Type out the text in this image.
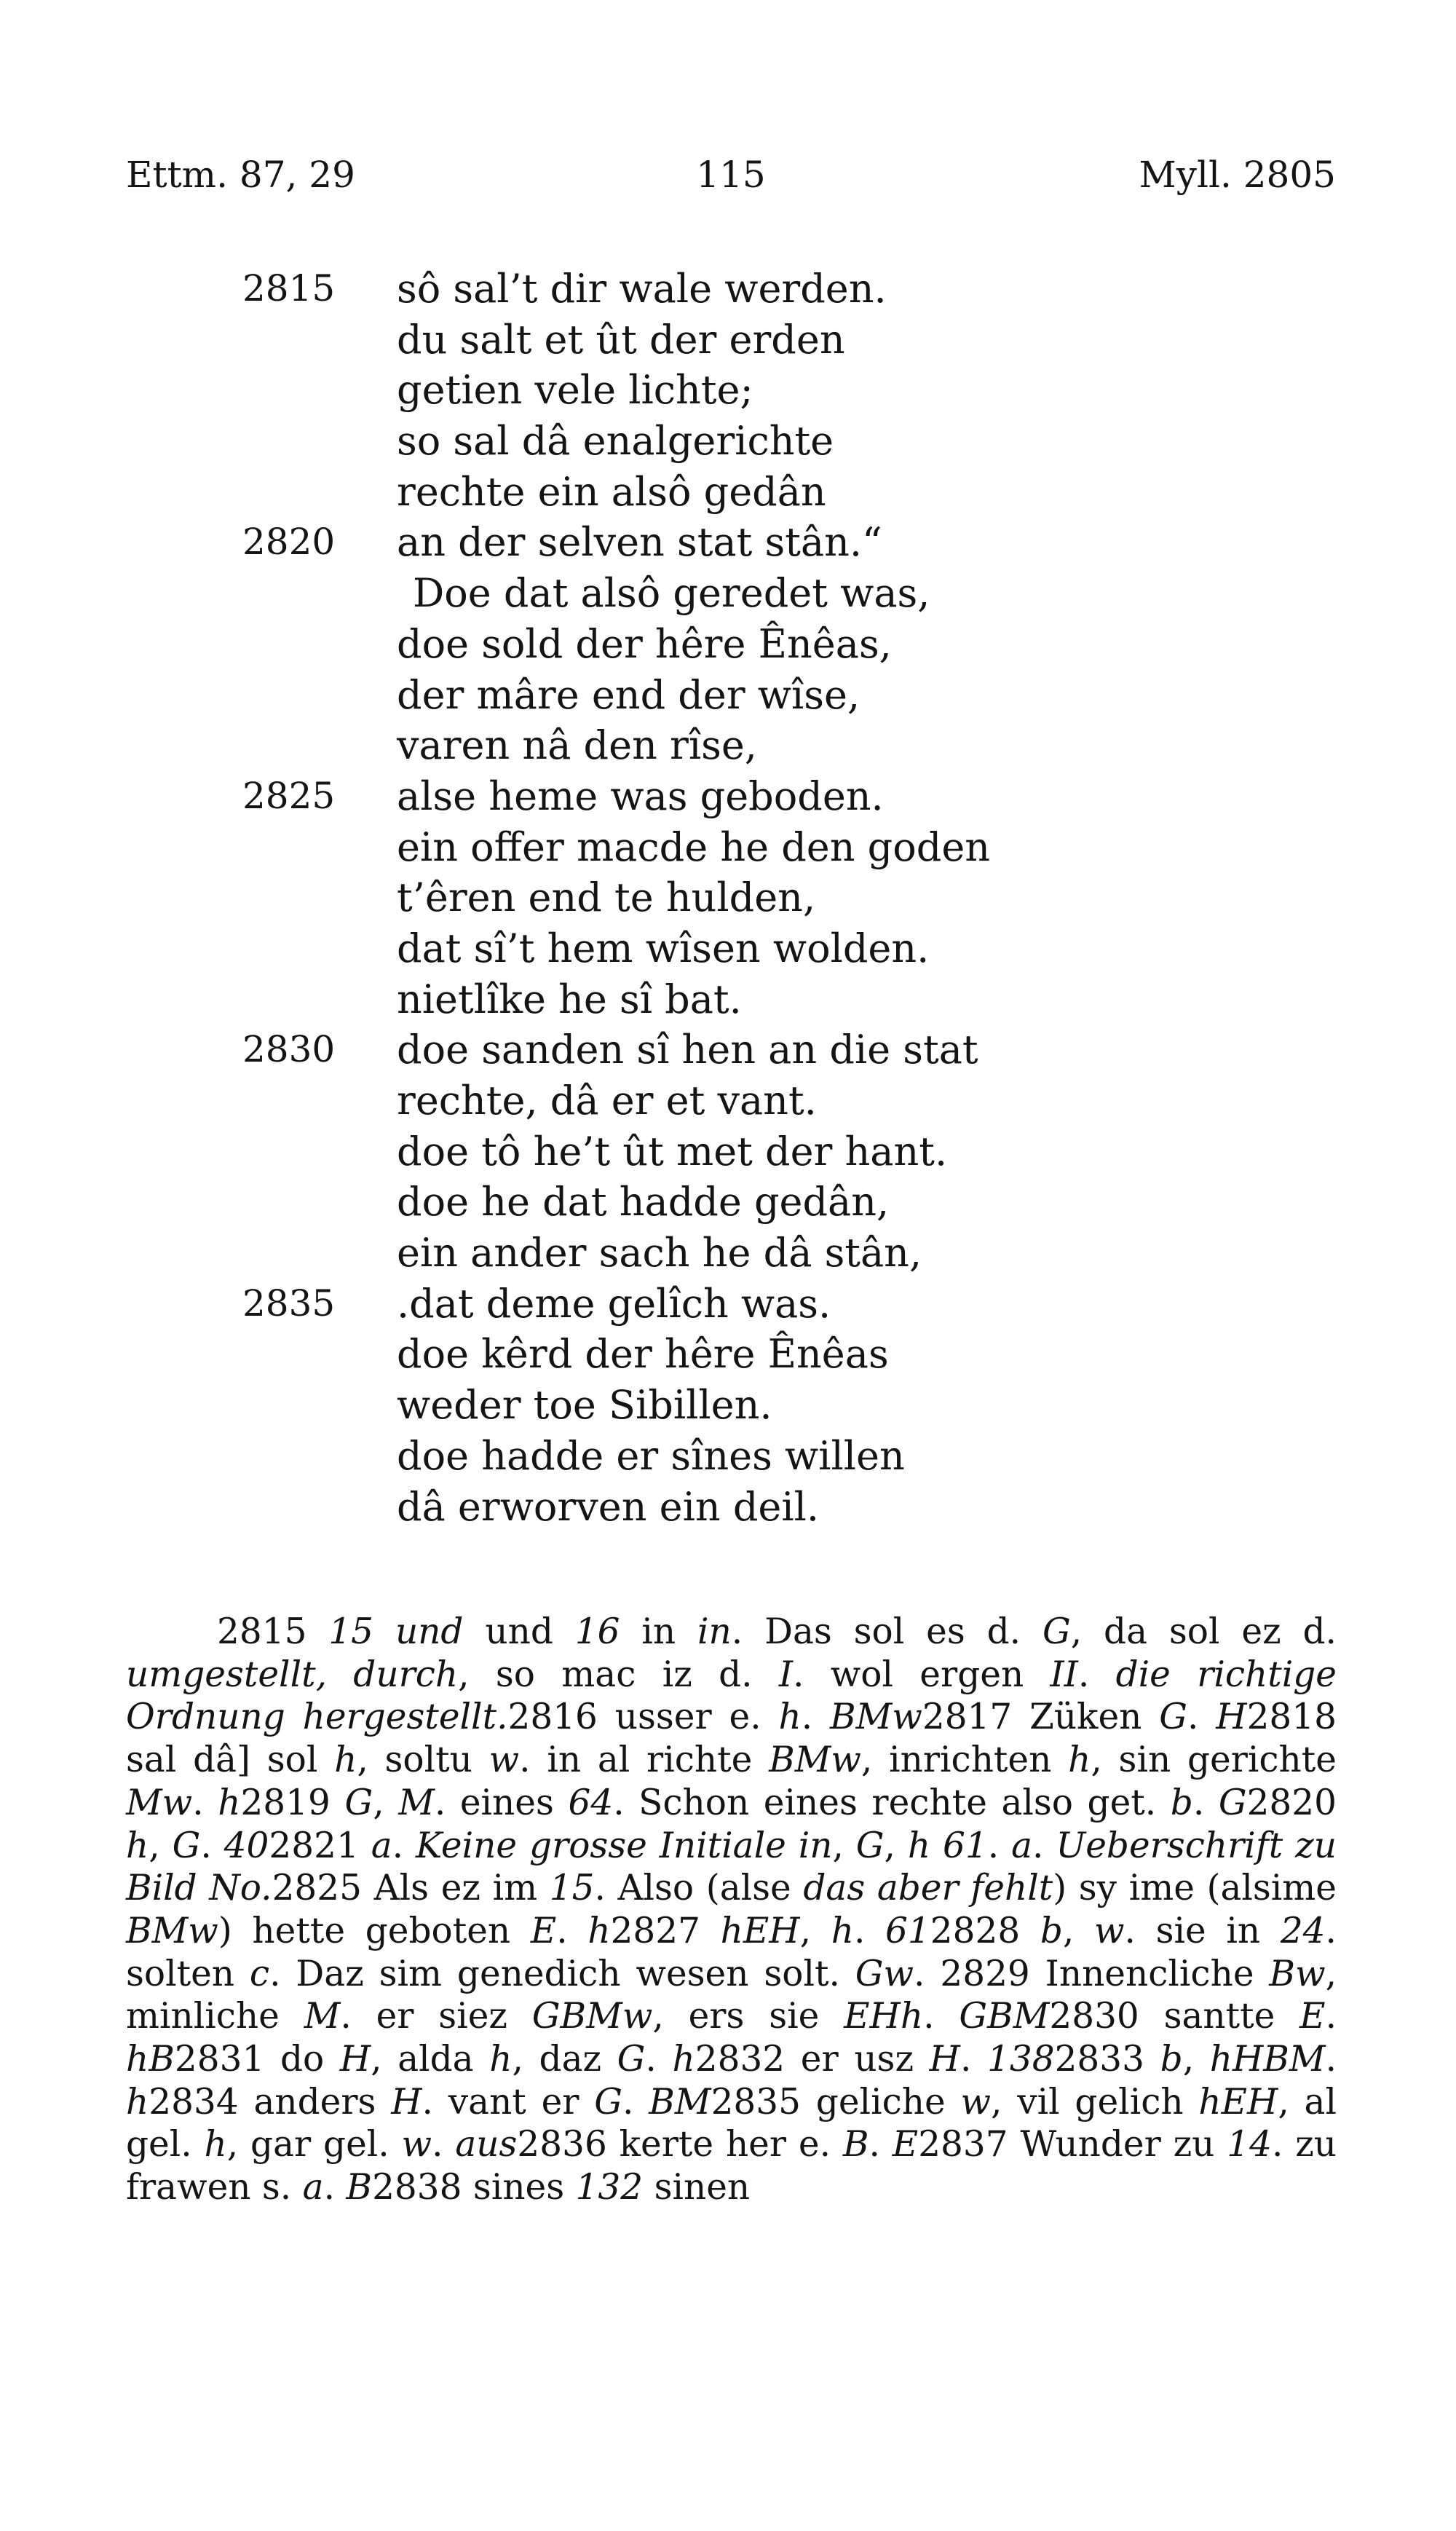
Ettm. 87, 29	115	Myll. 2805
2815 sô sal’t dir wale werden.
du salt et ût der erden
getien vele lichte;
so sal dâ enalgerichte
rechte ein alsô gedân
2820 an der selven stat stân.“
Doe dat alsô geredet was,
doe sold der hêre Ênêas,
der mâre end der wîse,
varen nâ den rîse,
2825 alse heme was geboden.
ein offer macde he den goden
t’êren end te hulden,
dat sî’t hem wîsen wolden.
nietlîke he sî bat.
2830 doe sanden sî hen an die stat
rechte, dâ er et vant.
doe tô he’t ût met der hant.
doe he dat hadde gedân,
ein ander sach he dâ stân,
2835 .dat deme gelîch was.
doe kêrd der hêre Ênêas
weder toe Sibillen.
doe hadde er sînes willen
dâ erworven ein deil.

2815 15 und und 16 in in. Das sol es d. G, da sol ez d. umgestellt, durch, so mac iz d. I. wol ergen II. die richtige Ordnung hergestellt.2816 usser e. h. BMw2817 Züken G. H2818 sal dâ] sol h, soltu w. in al richte BMw, inrichten h, sin gerichte Mw. h2819 G, M. eines 64. Schon eines rechte also get. b. G2820 h, G. 402821 a. Keine grosse Initiale in, G, h 61. a. Ueberschrift zu Bild No.2825 Als ez im 15. Also (alse das aber fehlt) sy ime (alsime BMw) hette geboten E. h2827 hEH, h. 612828 b, w. sie in 24. solten c. Daz sim genedich wesen solt. Gw. 2829 Innencliche Bw, minliche M. er siez GBMw, ers sie EHh. GBM2830 santte E. hB2831 do H, alda h, daz G. h2832 er usz H. 1382833 b, hHBM. h2834 anders H. vant er G. BM2835 geliche w, vil gelich hEH, al gel. h, gar gel. w. aus2836 kerte her e. B. E2837 Wunder zu 14. zu frawen s. a. B2838 sines 132 sinen
